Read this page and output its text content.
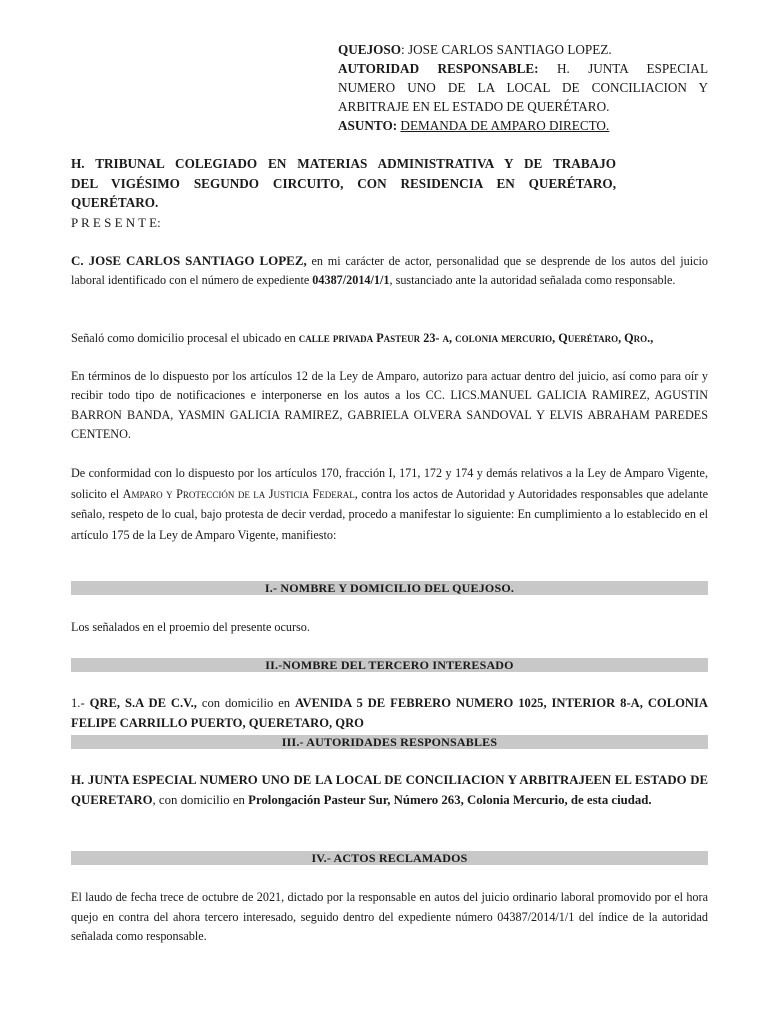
QUEJOSO: JOSE CARLOS SANTIAGO LOPEZ.
AUTORIDAD RESPONSABLE: H. JUNTA ESPECIAL
NUMERO UNO DE LA LOCAL DE CONCILIACION Y
ARBITRAJE EN EL ESTADO DE QUERÉTARO.
ASUNTO: DEMANDA DE AMPARO DIRECTO.
H. TRIBUNAL COLEGIADO EN MATERIAS ADMINISTRATIVA Y DE TRABAJO
DEL VIGÉSIMO SEGUNDO CIRCUITO, CON RESIDENCIA EN QUERÉTARO,
QUERÉTARO.
P R E S E N T E:
C. JOSE CARLOS SANTIAGO LOPEZ, en mi carácter de actor, personalidad que se desprende de los autos del juicio laboral identificado con el número de expediente 04387/2014/1/1, sustanciado ante la autoridad señalada como responsable.
Señaló como domicilio procesal el ubicado en calle privada Pasteur 23- a, colonia mercurio, Querétaro, Qro.,
En términos de lo dispuesto por los artículos 12 de la Ley de Amparo, autorizo para actuar dentro del juicio, así como para oír y recibir todo tipo de notificaciones e interponerse en los autos a los CC. LICS.MANUEL GALICIA RAMIREZ, AGUSTIN BARRON BANDA, YASMIN GALICIA RAMIREZ, GABRIELA OLVERA SANDOVAL Y ELVIS ABRAHAM PAREDES CENTENO.
De conformidad con lo dispuesto por los artículos 170, fracción I, 171, 172 y 174 y demás relativos a la Ley de Amparo Vigente, solicito el Amparo y Protección de la Justicia Federal, contra los actos de Autoridad y Autoridades responsables que adelante señalo, respeto de lo cual, bajo protesta de decir verdad, procedo a manifestar lo siguiente: En cumplimiento a lo establecido en el artículo 175 de la Ley de Amparo Vigente, manifiesto:
I.- NOMBRE Y DOMICILIO DEL QUEJOSO.
Los señalados en el proemio del presente ocurso.
II.-NOMBRE DEL TERCERO INTERESADO
1.- QRE, S.A DE C.V., con domicilio en AVENIDA 5 DE FEBRERO NUMERO 1025, INTERIOR 8-A, COLONIA FELIPE CARRILLO PUERTO, QUERETARO, QRO
III.- AUTORIDADES RESPONSABLES
H. JUNTA ESPECIAL NUMERO UNO DE LA LOCAL DE CONCILIACION Y ARBITRAJEEN EL ESTADO DE QUERETARO, con domicilio en Prolongación Pasteur Sur, Número 263, Colonia Mercurio, de esta ciudad.
IV.- ACTOS RECLAMADOS
El laudo de fecha trece de octubre de 2021, dictado por la responsable en autos del juicio ordinario laboral promovido por el hora quejo en contra del ahora tercero interesado, seguido dentro del expediente número 04387/2014/1/1 del índice de la autoridad señalada como responsable.
